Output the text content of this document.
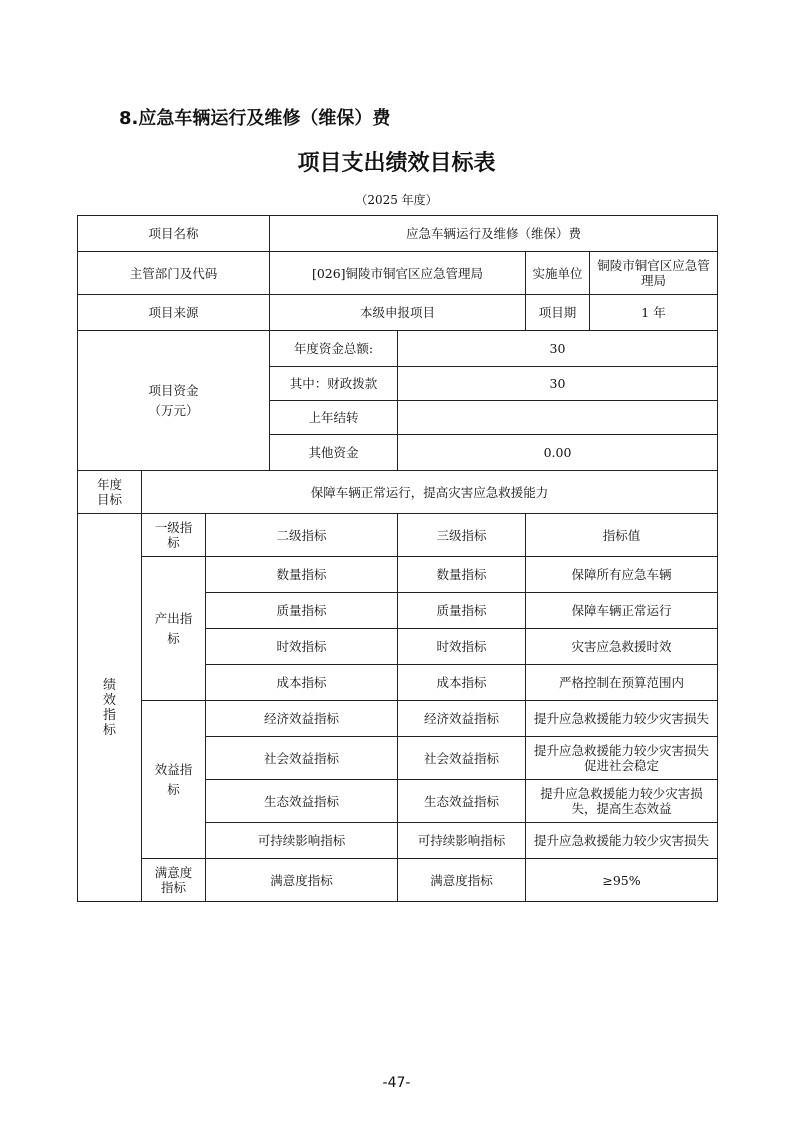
8.应急车辆运行及维修（维保）费
项目支出绩效目标表
（2025 年度）
项目名称			应急车辆运行及维修（维保）费			
主管部门及代码			[026]铜陵市铜官区应急管理局		实施单位	铜陵市铜官区应急管理局
项目来源			本级申报项目		项目期	1 年
项目资金（万元）			年度资金总额:	30		
			其中：财政拨款	30		
			上年结转			
			其他资金	0.00		
年度目标	保障车辆正常运行，提高灾害应急救援能力					
绩效指标	一级指标	二级指标		三级指标	指标值	
	产出指标	数量指标		数量指标	保障所有应急车辆	
		质量指标		质量指标	保障车辆正常运行	
		时效指标		时效指标	灾害应急救援时效	
		成本指标		成本指标	严格控制在预算范围内	
	效益指标	经济效益指标		经济效益指标	提升应急救援能力较少灾害损失	
		社会效益指标		社会效益指标	提升应急救援能力较少灾害损失促进社会稳定	
		生态效益指标		生态效益指标	提升应急救援能力较少灾害损失，提高生态效益	
		可持续影响指标		可持续影响指标	提升应急救援能力较少灾害损失	
	满意度指标	满意度指标		满意度指标	≥95%	
-47-
